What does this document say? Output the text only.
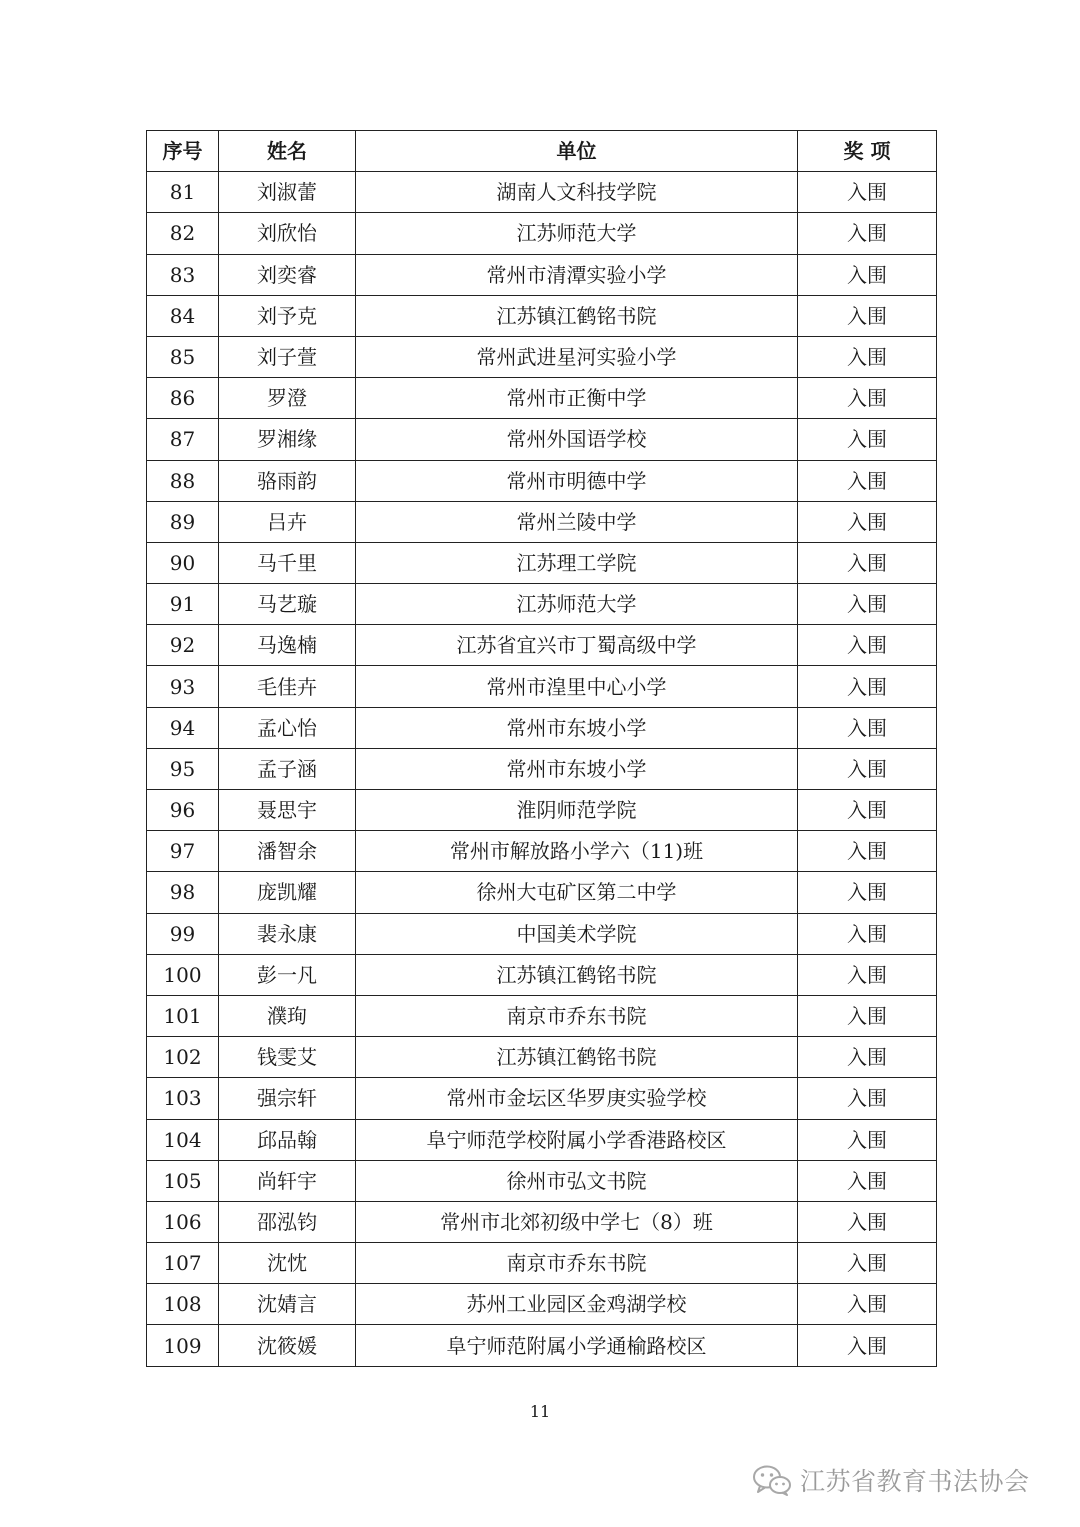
序号	姓名	单位	奖 项
81	刘淑蕾	湖南人文科技学院	入围
82	刘欣怡	江苏师范大学	入围
83	刘奕睿	常州市清潭实验小学	入围
84	刘予克	江苏镇江鹤铭书院	入围
85	刘子萱	常州武进星河实验小学	入围
86	罗澄	常州市正衡中学	入围
87	罗湘缘	常州外国语学校	入围
88	骆雨韵	常州市明德中学	入围
89	吕卉	常州兰陵中学	入围
90	马千里	江苏理工学院	入围
91	马艺璇	江苏师范大学	入围
92	马逸楠	江苏省宜兴市丁蜀高级中学	入围
93	毛佳卉	常州市湟里中心小学	入围
94	孟心怡	常州市东坡小学	入围
95	孟子涵	常州市东坡小学	入围
96	聂思宇	淮阴师范学院	入围
97	潘智余	常州市解放路小学六（11)班	入围
98	庞凯耀	徐州大屯矿区第二中学	入围
99	裴永康	中国美术学院	入围
100	彭一凡	江苏镇江鹤铭书院	入围
101	濮珣	南京市乔东书院	入围
102	钱雯艾	江苏镇江鹤铭书院	入围
103	强宗轩	常州市金坛区华罗庚实验学校	入围
104	邱品翰	阜宁师范学校附属小学香港路校区	入围
105	尚轩宇	徐州市弘文书院	入围
106	邵泓钧	常州市北郊初级中学七（8）班	入围
107	沈忱	南京市乔东书院	入围
108	沈婧言	苏州工业园区金鸡湖学校	入围
109	沈筱媛	阜宁师范附属小学通榆路校区	入围
11
江苏省教育书法协会
